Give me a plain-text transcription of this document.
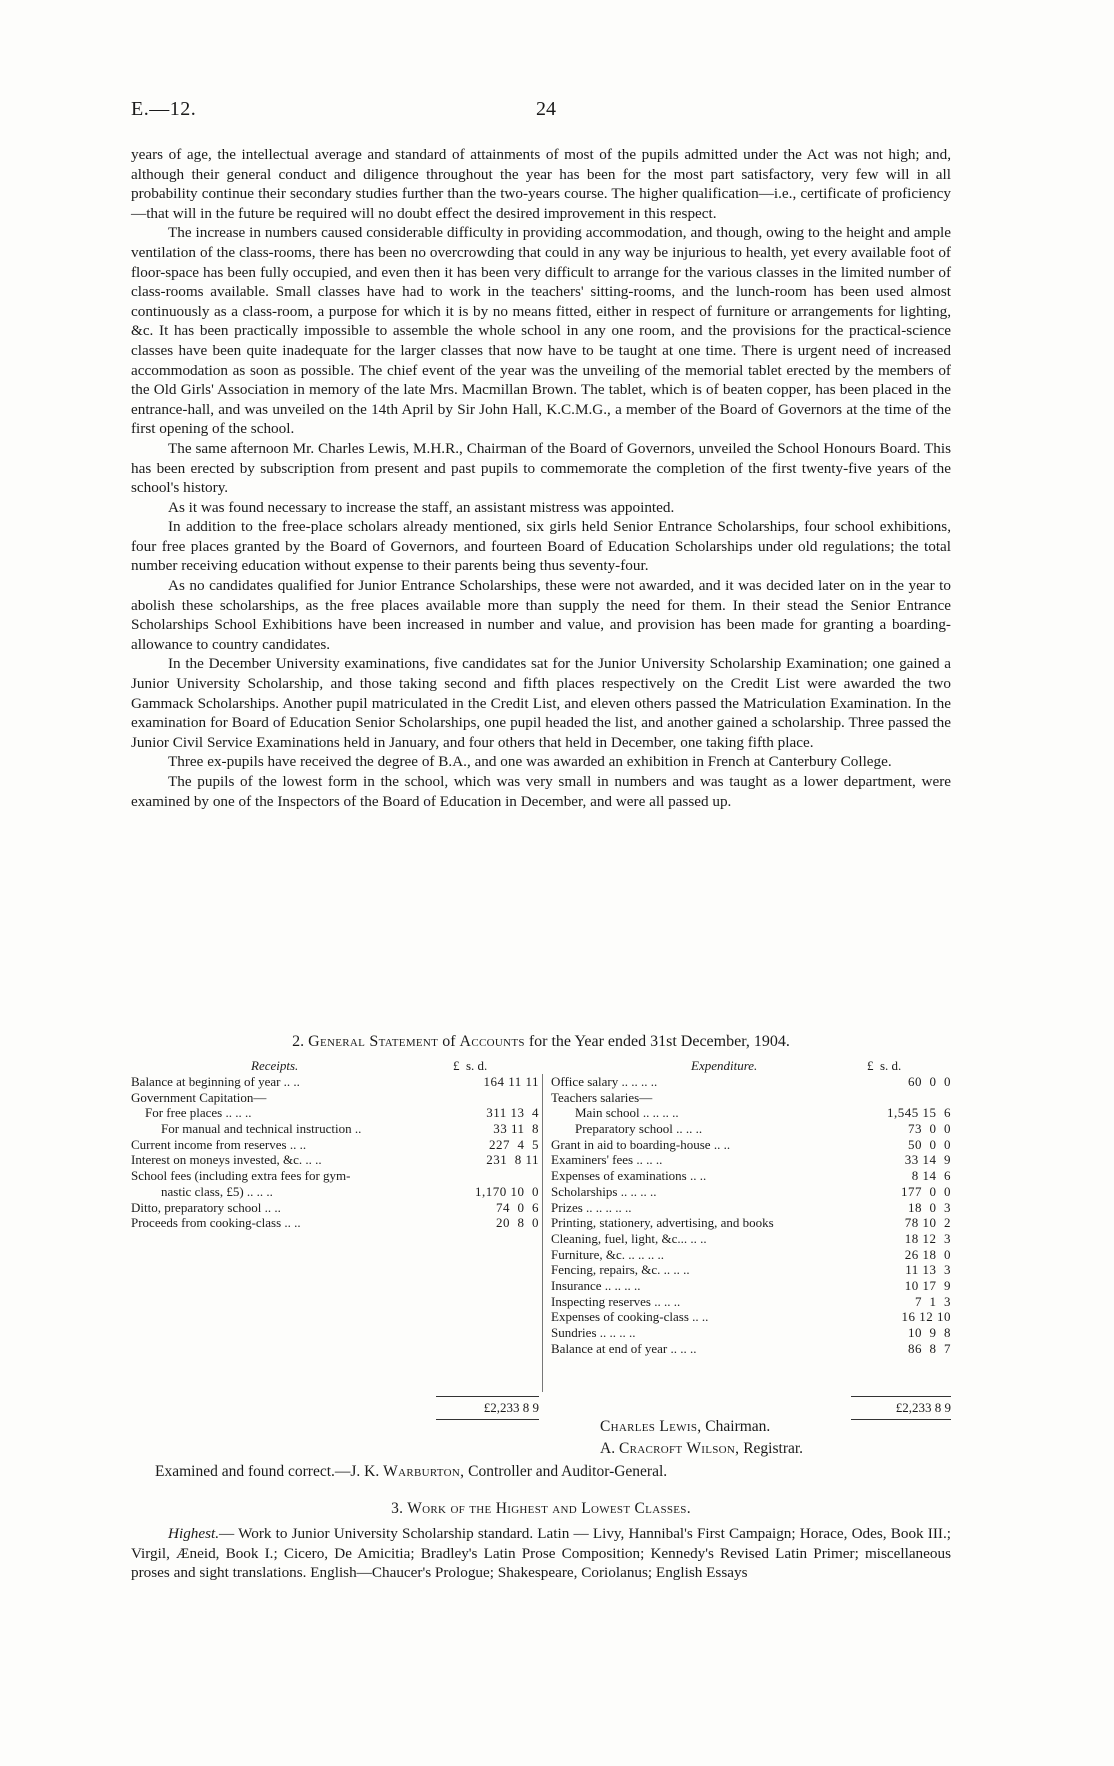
E.—12.	24

years of age, the intellectual average and standard of attainments of most of the pupils admitted under the Act was not high; and, although their general conduct and diligence throughout the year has been for the most part satisfactory, very few will in all probability continue their secondary studies further than the two-years course. The higher qualification—i.e., certificate of proficiency—that will in the future be required will no doubt effect the desired improvement in this respect.

The increase in numbers caused considerable difficulty in providing accommodation, and though, owing to the height and ample ventilation of the class-rooms, there has been no overcrowding that could in any way be injurious to health, yet every available foot of floor-space has been fully occupied, and even then it has been very difficult to arrange for the various classes in the limited number of class-rooms available. Small classes have had to work in the teachers' sitting-rooms, and the lunch-room has been used almost continuously as a class-room, a purpose for which it is by no means fitted, either in respect of furniture or arrangements for lighting, &c. It has been practically impossible to assemble the whole school in any one room, and the provisions for the practical-science classes have been quite inadequate for the larger classes that now have to be taught at one time. There is urgent need of increased accommodation as soon as possible. The chief event of the year was the unveiling of the memorial tablet erected by the members of the Old Girls' Association in memory of the late Mrs. Macmillan Brown. The tablet, which is of beaten copper, has been placed in the entrance-hall, and was unveiled on the 14th April by Sir John Hall, K.C.M.G., a member of the Board of Governors at the time of the first opening of the school.

The same afternoon Mr. Charles Lewis, M.H.R., Chairman of the Board of Governors, unveiled the School Honours Board. This has been erected by subscription from present and past pupils to commemorate the completion of the first twenty-five years of the school's history.

As it was found necessary to increase the staff, an assistant mistress was appointed.

In addition to the free-place scholars already mentioned, six girls held Senior Entrance Scholarships, four school exhibitions, four free places granted by the Board of Governors, and fourteen Board of Education Scholarships under old regulations; the total number receiving education without expense to their parents being thus seventy-four.

As no candidates qualified for Junior Entrance Scholarships, these were not awarded, and it was decided later on in the year to abolish these scholarships, as the free places available more than supply the need for them. In their stead the Senior Entrance Scholarships School Exhibitions have been increased in number and value, and provision has been made for granting a boarding-allowance to country candidates.

In the December University examinations, five candidates sat for the Junior University Scholarship Examination; one gained a Junior University Scholarship, and those taking second and fifth places respectively on the Credit List were awarded the two Gammack Scholarships. Another pupil matriculated in the Credit List, and eleven others passed the Matriculation Examination. In the examination for Board of Education Senior Scholarships, one pupil headed the list, and another gained a scholarship. Three passed the Junior Civil Service Examinations held in January, and four others that held in December, one taking fifth place.

Three ex-pupils have received the degree of B.A., and one was awarded an exhibition in French at Canterbury College.

The pupils of the lowest form in the school, which was very small in numbers and was taught as a lower department, were examined by one of the Inspectors of the Board of Education in December, and were all passed up.

2. General Statement of Accounts for the Year ended 31st December, 1904.
Receipts.	£  s. d.	Expenditure.	£  s. d.
Balance at beginning of year .. ..	164 11 11
Government Capitation—
For free places .. .. ..	311 13  4
For manual and technical instruction ..	33 11  8
Current income from reserves .. ..	227  4  5
Interest on moneys invested, &c. .. ..	231  8 11
School fees (including extra fees for gym-
nastic class, £5) .. .. ..	1,170 10  0
Ditto, preparatory school .. ..	74  0  6
Proceeds from cooking-class .. ..	20  8  0
Office salary .. .. .. ..	60  0  0
Teachers salaries—
Main school .. .. .. ..	1,545 15  6
Preparatory school .. .. ..	73  0  0
Grant in aid to boarding-house .. ..	50  0  0
Examiners' fees .. .. ..	33 14  9
Expenses of examinations .. ..	8 14  6
Scholarships .. .. .. ..	177  0  0
Prizes .. .. .. .. ..	18  0  3
Printing, stationery, advertising, and books	78 10  2
Cleaning, fuel, light, &c... .. ..	18 12  3
Furniture, &c. .. .. .. ..	26 18  0
Fencing, repairs, &c. .. .. ..	11 13  3
Insurance .. .. .. ..	10 17  9
Inspecting reserves .. .. ..	7  1  3
Expenses of cooking-class .. ..	16 12 10
Sundries .. .. .. ..	10  9  8
Balance at end of year .. .. ..	86  8  7
£2,233 8 9	£2,233 8 9
Charles Lewis, Chairman.
A. Cracroft Wilson, Registrar.
Examined and found correct.—J. K. Warburton, Controller and Auditor-General.
3. Work of the Highest and Lowest Classes.

Highest.— Work to Junior University Scholarship standard. Latin — Livy, Hannibal's First Campaign; Horace, Odes, Book III.; Virgil, Æneid, Book I.; Cicero, De Amicitia; Bradley's Latin Prose Composition; Kennedy's Revised Latin Primer; miscellaneous proses and sight translations. English—Chaucer's Prologue; Shakespeare, Coriolanus; English Essays
